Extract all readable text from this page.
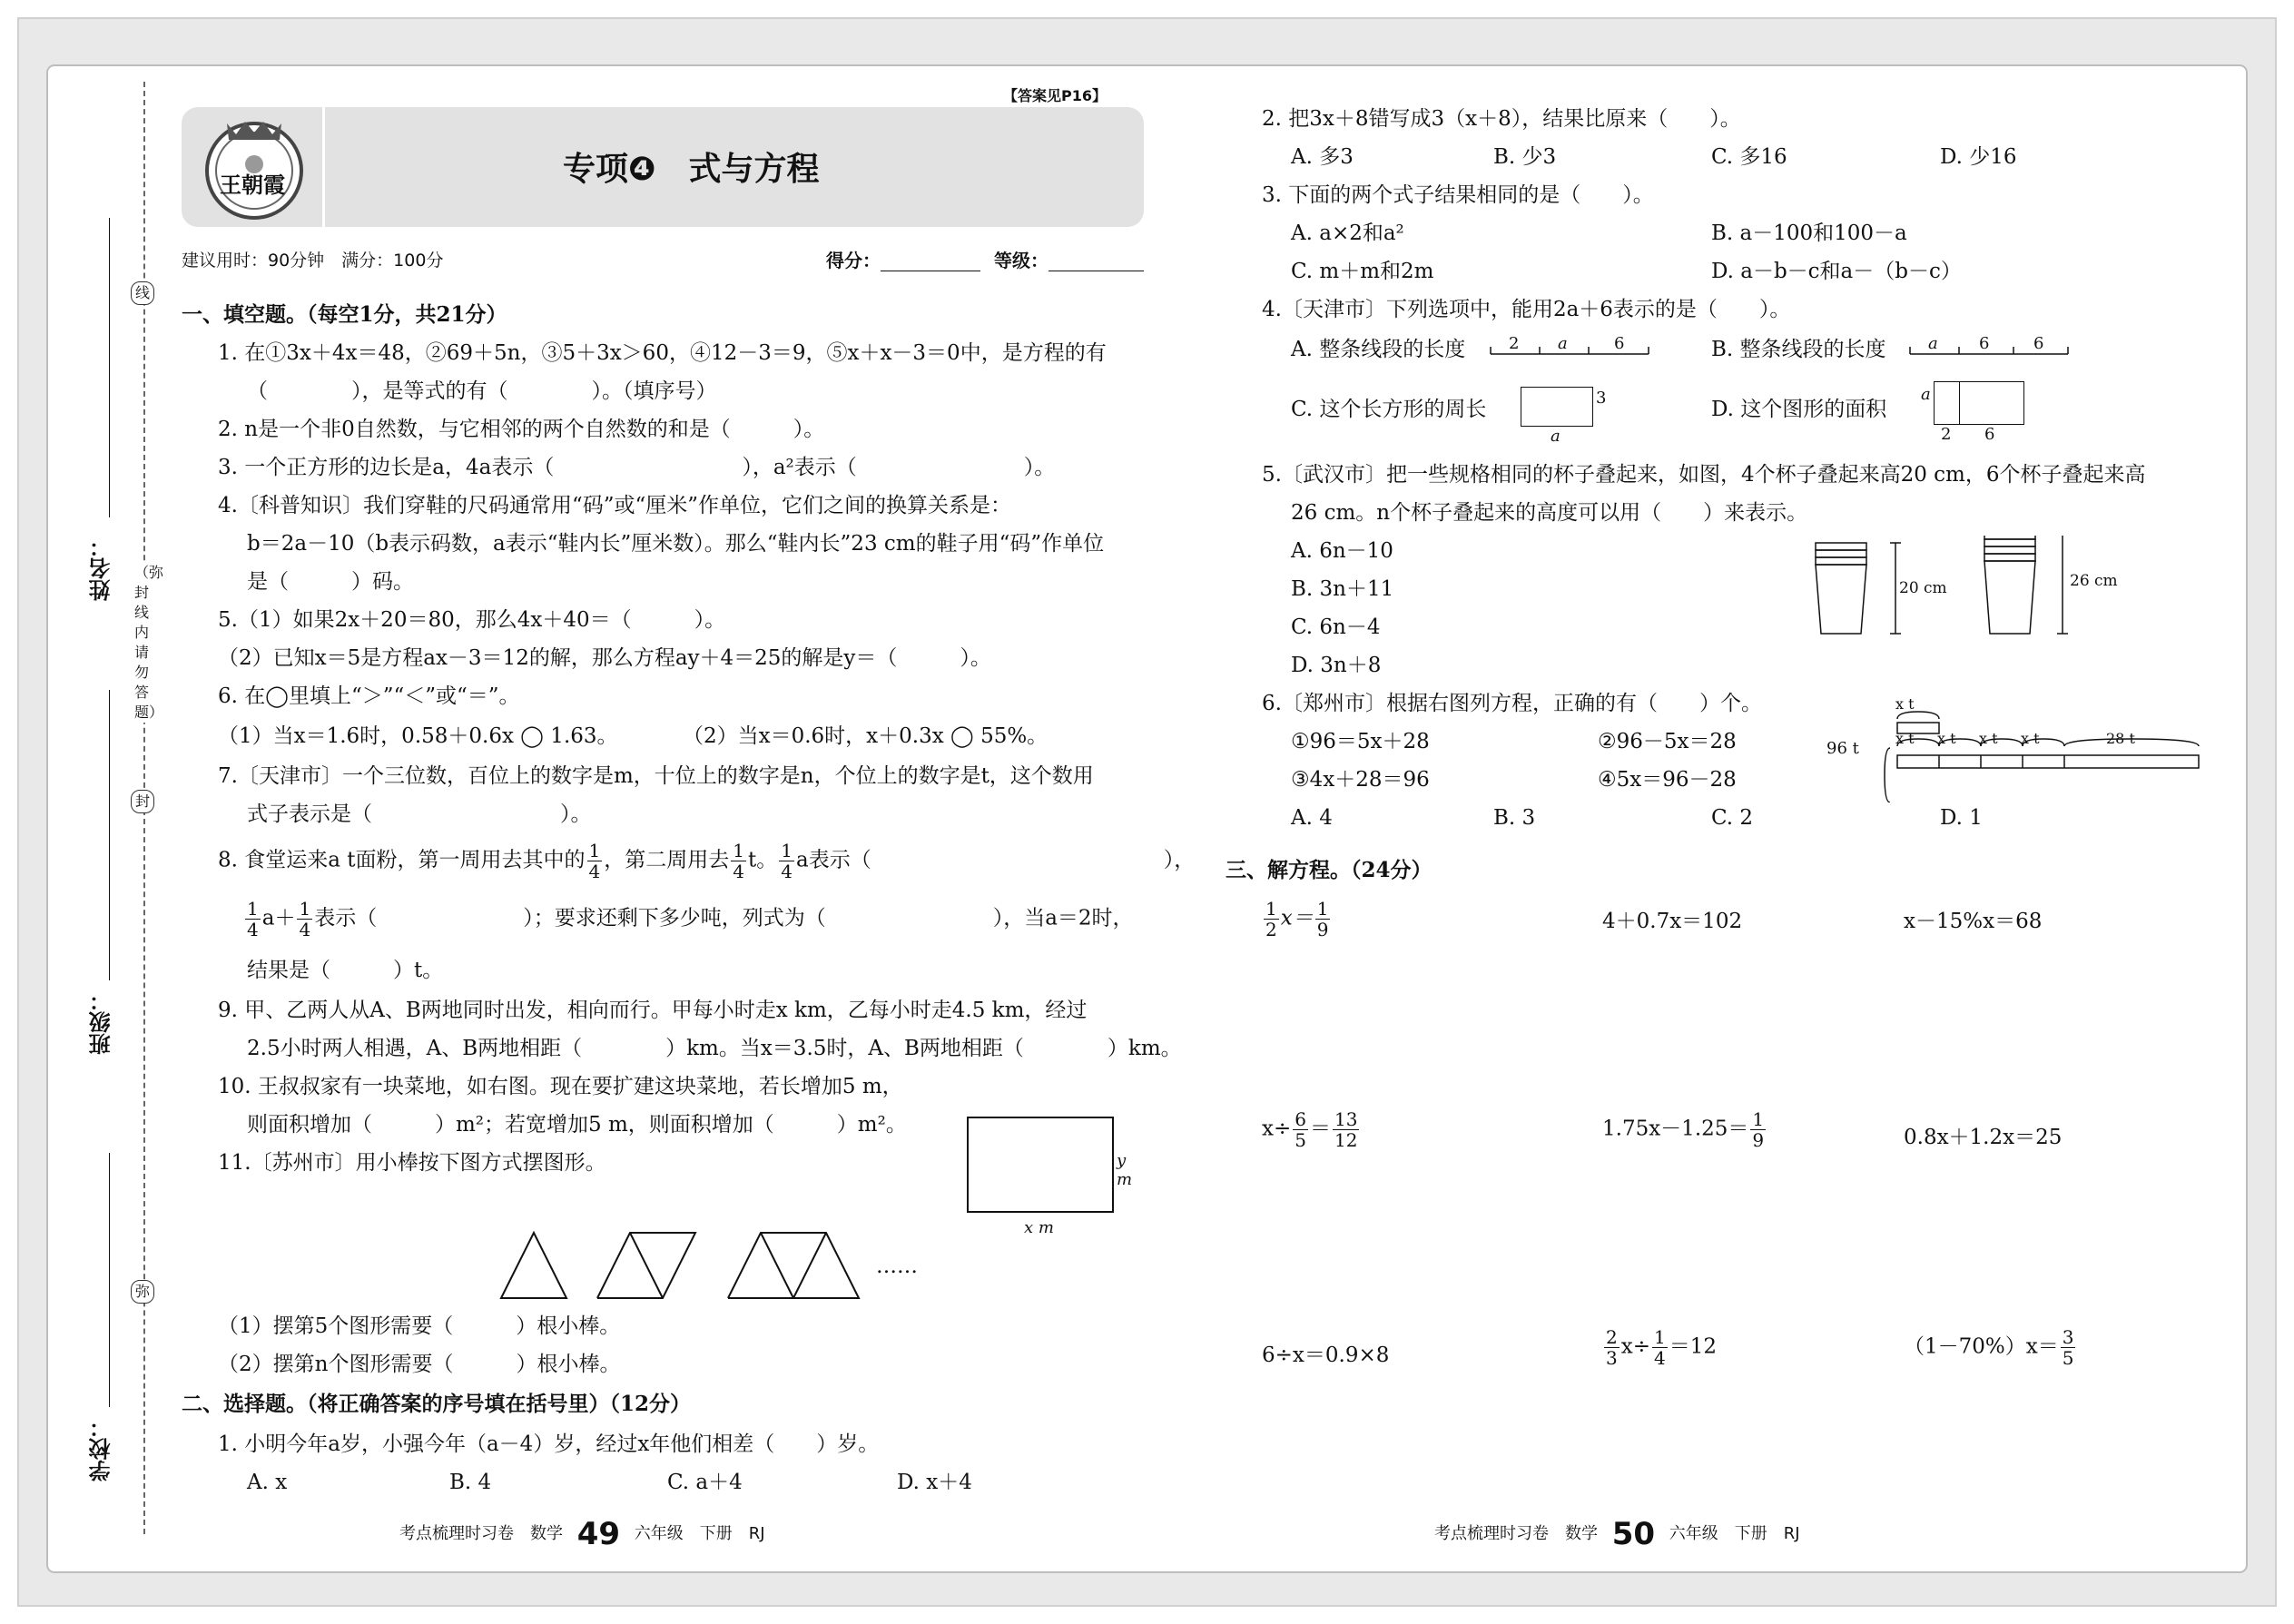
线
封
弥
（弥封线内请勿答题）
姓名：
班级：
学校：
【答案见P16】
王朝霞	专项❹　式与方程
建议用时：90分钟　满分：100分	得分：	等级：
一、填空题。（每空1分，共21分）
1. 在①3x＋4x＝48，②69＋5n，③5＋3x＞60，④12－3＝9，⑤x＋x－3＝0中，是方程的有
（　　　　），是等式的有（　　　　）。（填序号）
2. n是一个非0自然数，与它相邻的两个自然数的和是（　　　）。
3. 一个正方形的边长是a，4a表示（　　　　　　　　　），a²表示（　　　　　　　　）。
4.〔科普知识〕我们穿鞋的尺码通常用“码”或“厘米”作单位，它们之间的换算关系是：
b＝2a－10（b表示码数，a表示“鞋内长”厘米数）。那么“鞋内长”23 cm的鞋子用“码”作单位
是（　　　）码。
5.（1）如果2x＋20＝80，那么4x＋40＝（　　　）。
（2）已知x＝5是方程ax－3＝12的解，那么方程ay＋4＝25的解是y＝（　　　）。
6. 在◯里填上“＞”“＜”或“＝”。
（1）当x＝1.6时，0.58＋0.6x ◯ 1.63。	（2）当x＝0.6时，x＋0.3x ◯ 55%。
7.〔天津市〕一个三位数，百位上的数字是m，十位上的数字是n，个位上的数字是t，这个数用
式子表示是（　　　　　　　　　）。
8. 食堂运来a t面粉，第一周用去其中的 $\frac{1}{4}$ ，第二周用去 $\frac{1}{4}$ t。 $\frac{1}{4}$ a表示（　　　　　　　　　　　　　　），
$\frac{1}{4} a+ \frac{1}{4}$ 表示（　　　　　　　）；要求还剩下多少吨，列式为（　　　　　　　　），当a＝2时，
结果是（　　　）t。
9. 甲、乙两人从A、B两地同时出发，相向而行。甲每小时走x km，乙每小时走4.5 km，经过
2.5小时两人相遇，A、B两地相距（　　　　）km。当x＝3.5时，A、B两地相距（　　　　）km。
10. 王叔叔家有一块菜地，如右图。现在要扩建这块菜地，若长增加5 m，
则面积增加（　　　）m²；若宽增加5 m，则面积增加（　　　）m²。
y m
x m
11.〔苏州市〕用小棒按下图方式摆图形。
……
（1）摆第5个图形需要（　　　）根小棒。
（2）摆第n个图形需要（　　　）根小棒。
二、选择题。（将正确答案的序号填在括号里）（12分）
1. 小明今年a岁，小强今年（a－4）岁，经过x年他们相差（　　）岁。
A. x	B. 4	C. a＋4	D. x＋4
考点梳理时习卷　数学 49 六年级　下册　RJ
2. 把3x＋8错写成3（x＋8），结果比原来（　　）。
A. 多3	B. 少3	C. 多16	D. 少16
3. 下面的两个式子结果相同的是（　　）。
A. a×2和a²	B. a－100和100－a
C. m＋m和2m	D. a－b－c和a－（b－c）
4.〔天津市〕下列选项中，能用2a＋6表示的是（　　）。
A. 整条线段的长度	2 a	6	B. 整条线段的长度	a	6	6
C. 这个长方形的周长	3
a
D. 这个图形的面积
a
2 6
5.〔武汉市〕把一些规格相同的杯子叠起来，如图，4个杯子叠起来高20 cm，6个杯子叠起来高
26 cm。n个杯子叠起来的高度可以用（　　）来表示。
A. 6n－10
B. 3n＋11
C. 6n－4
D. 3n＋8
20 cm	26 cm
6.〔郑州市〕根据右图列方程，正确的有（　　）个。
①96＝5x＋28	②96－5x＝28
③4x＋28＝96	④5x＝96－28
A. 4	B. 3	C. 2	D. 1
96 t
x t
x t x t x t x t	28 t
三、解方程。（24分）
$\frac{1}{2} x= \frac{1}{9}$	4＋0.7x＝102	x－15%x＝68
$x\div \frac{6}{5} = \frac{13}{12}$	$1.75x-1.25= \frac{1}{9}$	0.8x＋1.2x＝25
6÷x＝0.9×8	$\frac{2}{3} x\div \frac{1}{4} =12$	$(1-70\%)x= \frac{3}{5}$
考点梳理时习卷　数学 50 六年级　下册　RJ
